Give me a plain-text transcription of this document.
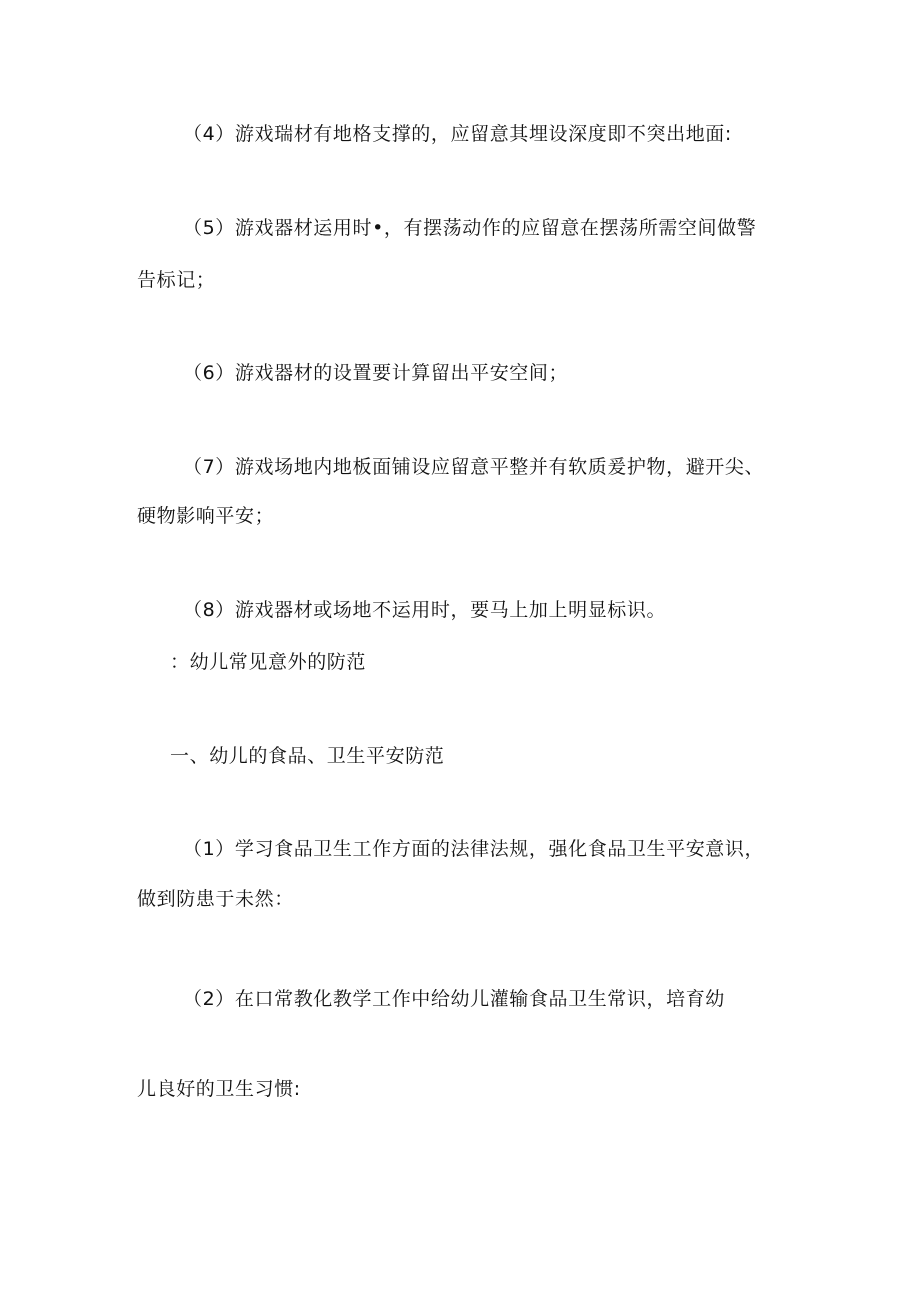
（4）游戏瑞材有地格支撑的，应留意其埋设深度即不突出地面:
（5）游戏器材运用时•，有摆荡动作的应留意在摆荡所需空间做警
告标记；
（6）游戏器材的设置要计算留出平安空间；
（7）游戏场地内地板面铺设应留意平整并有软质爰护物，避开尖、
硬物影响平安；
（8）游戏器材或场地不运用时，要马上加上明显标识。
：幼儿常见意外的防范
一、幼儿的食品、卫生平安防范
（1）学习食品卫生工作方面的法律法规，强化食品卫生平安意识，
做到防患于未然：
（2）在口常教化教学工作中给幼儿灌输食品卫生常识，培育幼
儿良好的卫生习惯:
